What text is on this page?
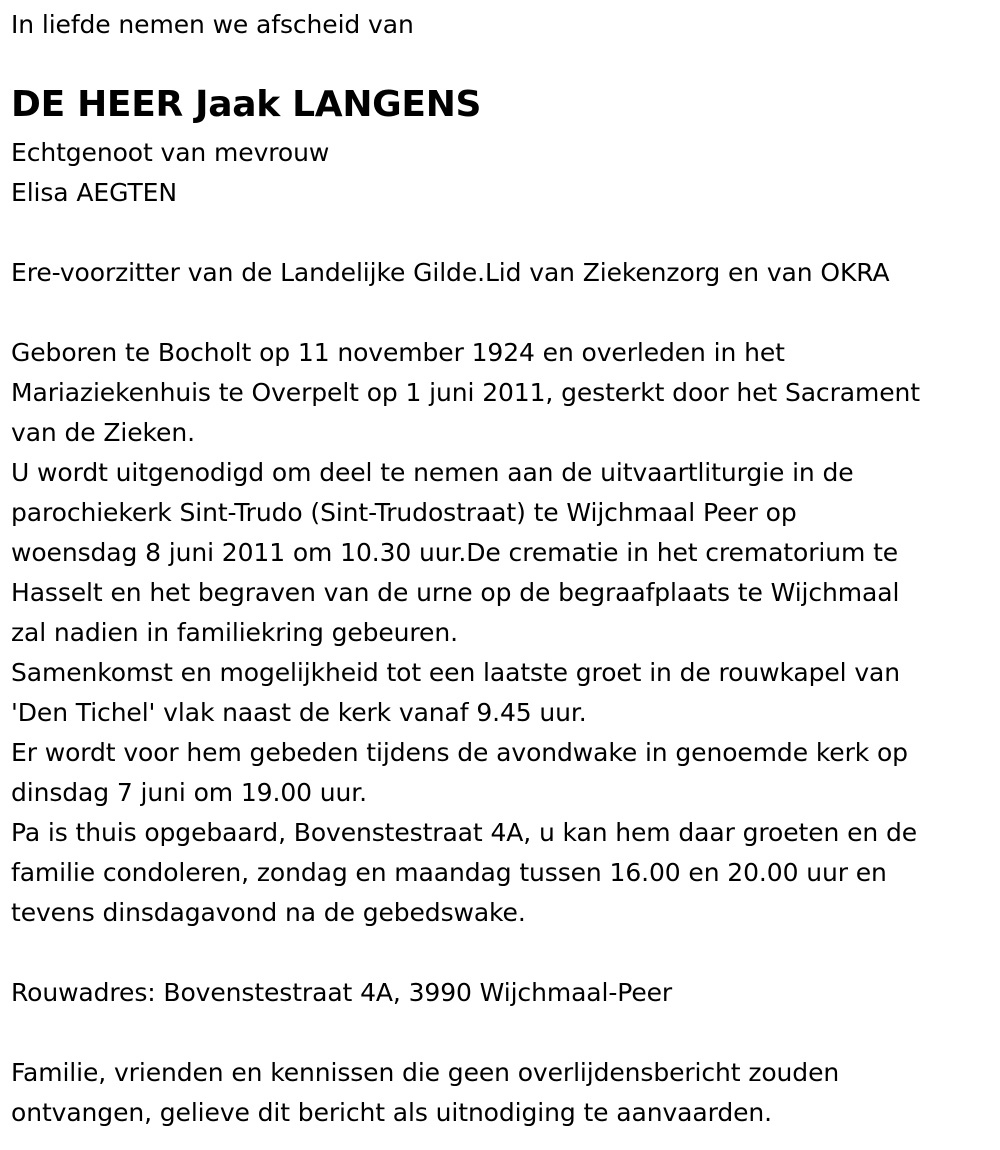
In liefde nemen we afscheid van

DE HEER Jaak LANGENS

Echtgenoot van mevrouw

Elisa AEGTEN

Ere-voorzitter van de Landelijke Gilde.Lid van Ziekenzorg en van OKRA

Geboren te Bocholt op 11 november 1924 en overleden in het

Mariaziekenhuis te Overpelt op 1 juni 2011, gesterkt door het Sacrament

van de Zieken.

U wordt uitgenodigd om deel te nemen aan de uitvaartliturgie in de

parochiekerk Sint-Trudo (Sint-Trudostraat) te Wijchmaal Peer op

woensdag 8 juni 2011 om 10.30 uur.De crematie in het crematorium te

Hasselt en het begraven van de urne op de begraafplaats te Wijchmaal

zal nadien in familiekring gebeuren.

Samenkomst en mogelijkheid tot een laatste groet in de rouwkapel van

'Den Tichel' vlak naast de kerk vanaf 9.45 uur.

Er wordt voor hem gebeden tijdens de avondwake in genoemde kerk op

dinsdag 7 juni om 19.00 uur.

Pa is thuis opgebaard, Bovenstestraat 4A, u kan hem daar groeten en de

familie condoleren, zondag en maandag tussen 16.00 en 20.00 uur en

tevens dinsdagavond na de gebedswake.

Rouwadres: Bovenstestraat 4A, 3990 Wijchmaal-Peer

Familie, vrienden en kennissen die geen overlijdensbericht zouden

ontvangen, gelieve dit bericht als uitnodiging te aanvaarden.
